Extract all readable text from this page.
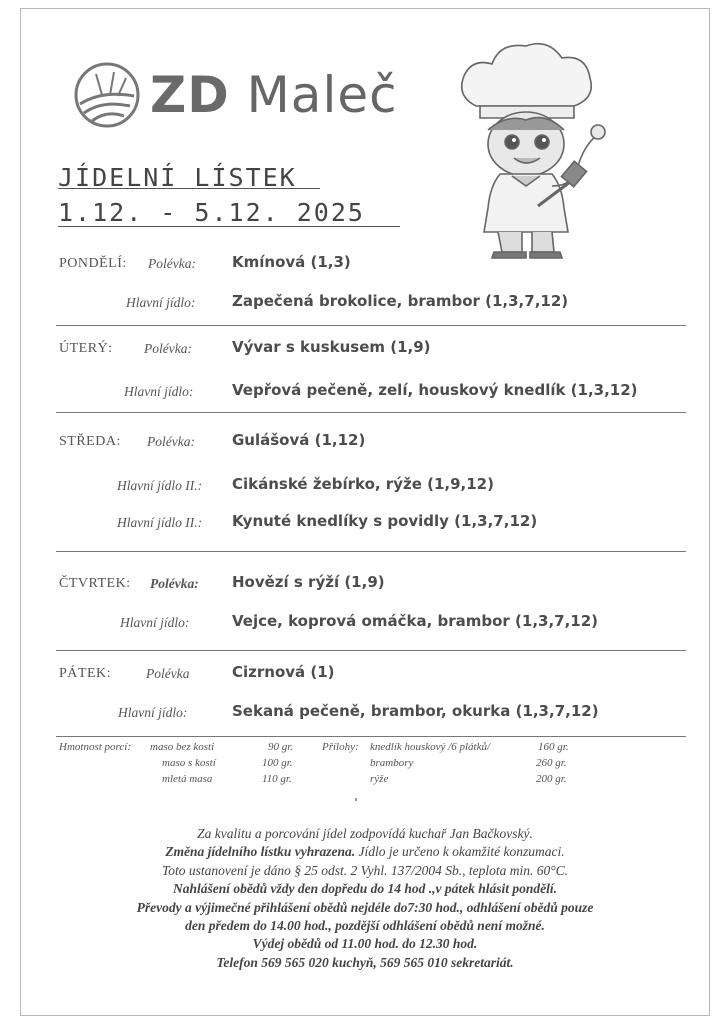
ZD Maleč
JÍDELNÍ LÍSTEK
1.12. - 5.12. 2025
PONDĚLÍ: Polévka: Kmínová (1,3)
Hlavní jídlo: Zapečená brokolice, brambor (1,3,7,12)
ÚTERÝ: Polévka:	Vývar s kuskusem (1,9)
Hlavní jídlo:	Vepřová pečeně, zelí, houskový knedlík (1,3,12)
STŘEDA: Polévka: Gulášová (1,12)
Hlavní jídlo II.: Cikánské žebírko, rýže (1,9,12)
Hlavní jídlo II.: Kynuté knedlíky s povidly (1,3,7,12)
ČTVRTEK: Polévka: Hovězí s rýží (1,9)
Hlavní jídlo:	Vejce, koprová omáčka, brambor (1,3,7,12)
PÁTEK:	Polévka	Cizrnová (1)
Hlavní jídlo:	Sekaná pečeně, brambor, okurka (1,3,7,12)
Hmotnost porcí: maso bez kosti	90 gr.
maso s kostí	100 gr.
mletá masa	110 gr.
Přílohy: knedlík houskový /6 plátků/	160 gr.
brambory	260 gr.
rýže	200 gr.
Za kvalitu a porcování jídel zodpovídá kuchař Jan Bačkovský.
Změna jídelního lístku vyhrazena. Jídlo je určeno k okamžité konzumaci.
Toto ustanovení je dáno § 25 odst. 2 Vyhl. 137/2004 Sb., teplota min. 60°C.
Nahlášení obědů vždy den dopředu do 14 hod .,v pátek hlásit pondělí.
Převody a výjimečné přihlášení obědů nejdéle do7:30 hod., odhlášení obědů pouze
den předem do 14.00 hod., pozdější odhlášení obědů není možné.
Výdej obědů od 11.00 hod. do 12.30 hod.
Telefon 569 565 020 kuchyň, 569 565 010 sekretariát.
